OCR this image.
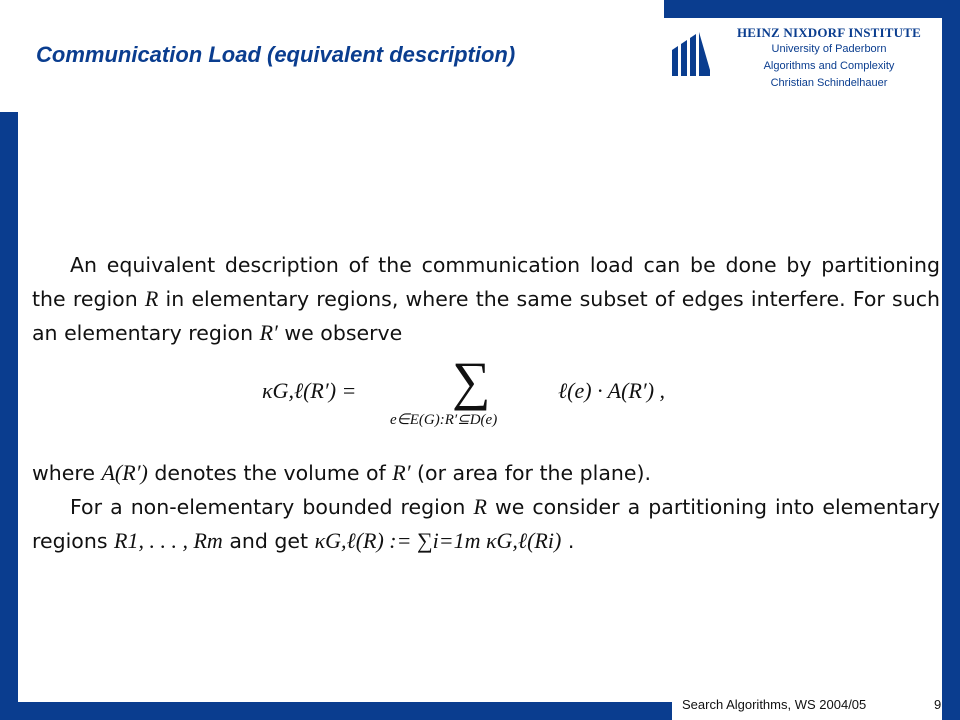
Communication Load (equivalent description)
HEINZ NIXDORF INSTITUTE
University of Paderborn
Algorithms and Complexity
Christian Schindelhauer
An equivalent description of the communication load can be done by partitioning the region R in elementary regions, where the same subset of edges interfere. For such an elementary region R′ we observe
κG,ℓ(R′) = ∑
e∈E(G):R′⊆D(e)
ℓ(e) · A(R′) ,
where A(R′) denotes the volume of R′ (or area for the plane).
For a non-elementary bounded region R we consider a partitioning into elementary regions R1, . . . , Rm and get κG,ℓ(R) := ∑i=1m κG,ℓ(Ri) .
Search Algorithms, WS 2004/05	9
